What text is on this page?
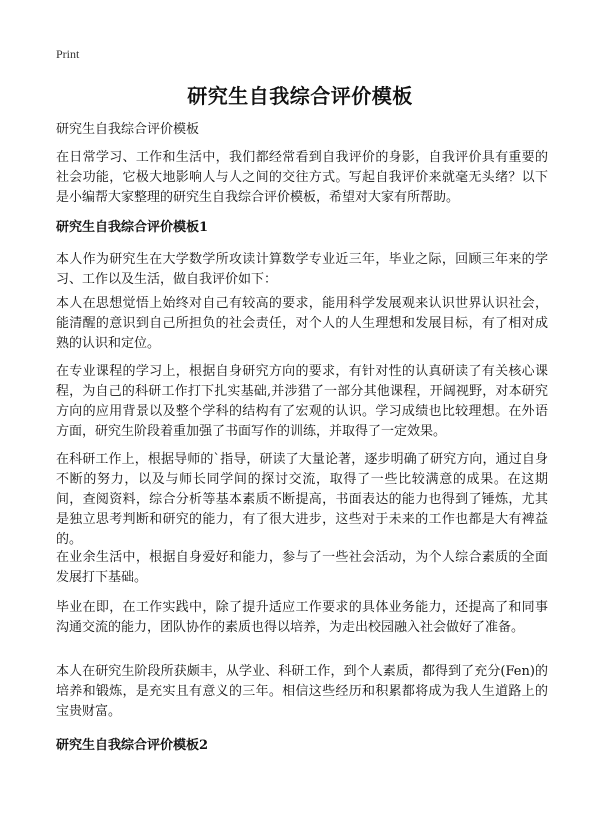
Print
研究生自我综合评价模板
研究生自我综合评价模板
在日常学习、工作和生活中，我们都经常看到自我评价的身影，自我评价具有重要的社会功能，它极大地影响人与人之间的交往方式。写起自我评价来就毫无头绪？以下是小编帮大家整理的研究生自我综合评价模板，希望对大家有所帮助。
研究生自我综合评价模板1
本人作为研究生在大学数学所攻读计算数学专业近三年，毕业之际，回顾三年来的学习、工作以及生活，做自我评价如下：
本人在思想觉悟上始终对自己有较高的要求，能用科学发展观来认识世界认识社会，能清醒的意识到自己所担负的社会责任，对个人的人生理想和发展目标，有了相对成熟的认识和定位。
在专业课程的学习上，根据自身研究方向的要求，有针对性的认真研读了有关核心课程，为自己的科研工作打下扎实基础,并涉猎了一部分其他课程，开阔视野，对本研究方向的应用背景以及整个学科的结构有了宏观的认识。学习成绩也比较理想。在外语方面，研究生阶段着重加强了书面写作的训练，并取得了一定效果。
在科研工作上，根据导师的`指导，研读了大量论著，逐步明确了研究方向，通过自身不断的努力，以及与师长同学间的探讨交流，取得了一些比较满意的成果。在这期间，查阅资料，综合分析等基本素质不断提高，书面表达的能力也得到了锤炼，尤其是独立思考判断和研究的能力，有了很大进步，这些对于未来的工作也都是大有裨益的。
在业余生活中，根据自身爱好和能力，参与了一些社会活动，为个人综合素质的全面发展打下基础。
毕业在即，在工作实践中，除了提升适应工作要求的具体业务能力，还提高了和同事沟通交流的能力，团队协作的素质也得以培养，为走出校园融入社会做好了准备。
本人在研究生阶段所获颇丰，从学业、科研工作，到个人素质，都得到了充分(Fen)的培养和锻炼，是充实且有意义的三年。相信这些经历和积累都将成为我人生道路上的宝贵财富。
研究生自我综合评价模板2
